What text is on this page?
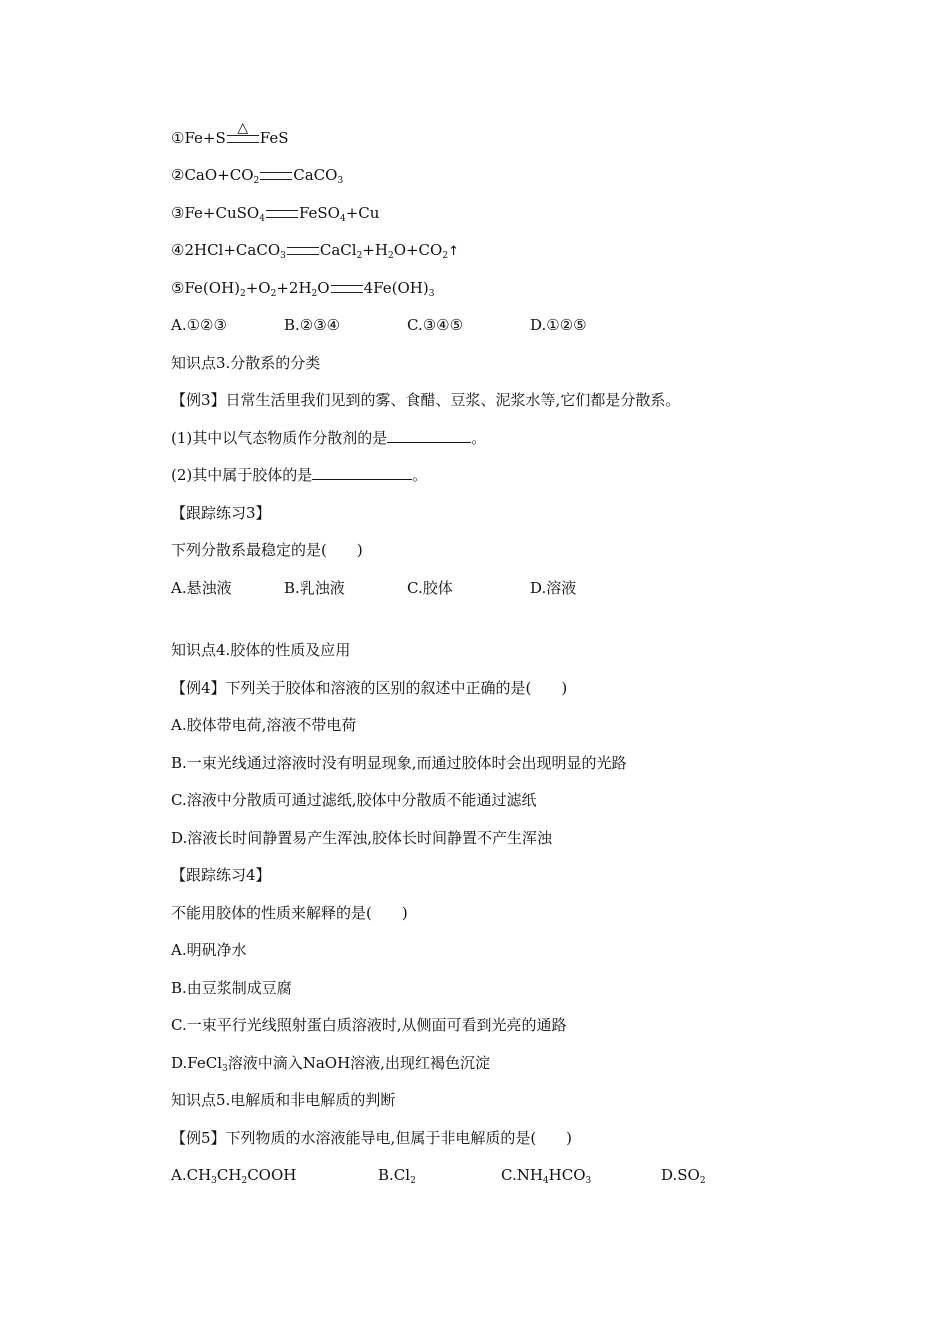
①Fe+S
△
FeS
$②CaO+CO_2$ CaCO$_3$
③Fe+CuSO$_4$ FeSO$_4$+Cu
④2HCl+CaCO$_3$ $CaCl_2+H_2O+CO_2↑$
$⑤Fe(OH)_2+O_2+2H_2O$ $4Fe(OH)_3$
A.①②③	B.②③④	C.③④⑤	D.①②⑤
知识点3.分散系的分类
【例3】日常生活里我们见到的雾、食醋、豆浆、泥浆水等,它们都是分散系。
(1)其中以气态物质作分散剂的是	。
(2)其中属于胶体的是	。
【跟踪练习3】
下列分散系最稳定的是(　　)
A.悬浊液	B.乳浊液	C.胶体	D.溶液
知识点4.胶体的性质及应用
【例4】下列关于胶体和溶液的区别的叙述中正确的是(　　)
A.胶体带电荷,溶液不带电荷
B.一束光线通过溶液时没有明显现象,而通过胶体时会出现明显的光路
C.溶液中分散质可通过滤纸,胶体中分散质不能通过滤纸
D.溶液长时间静置易产生浑浊,胶体长时间静置不产生浑浊
【跟踪练习4】
不能用胶体的性质来解释的是(　　)
A.明矾净水
B.由豆浆制成豆腐
C.一束平行光线照射蛋白质溶液时,从侧面可看到光亮的通路
D.FeCl$_3$溶液中滴入NaOH溶液,出现红褐色沉淀
知识点5.电解质和非电解质的判断
【例5】下列物质的水溶液能导电,但属于非电解质的是(　　)
$A.CH_3CH_2COOH$	$B.Cl_2$	$C.NH_4HCO_3$	$D.SO_2$
